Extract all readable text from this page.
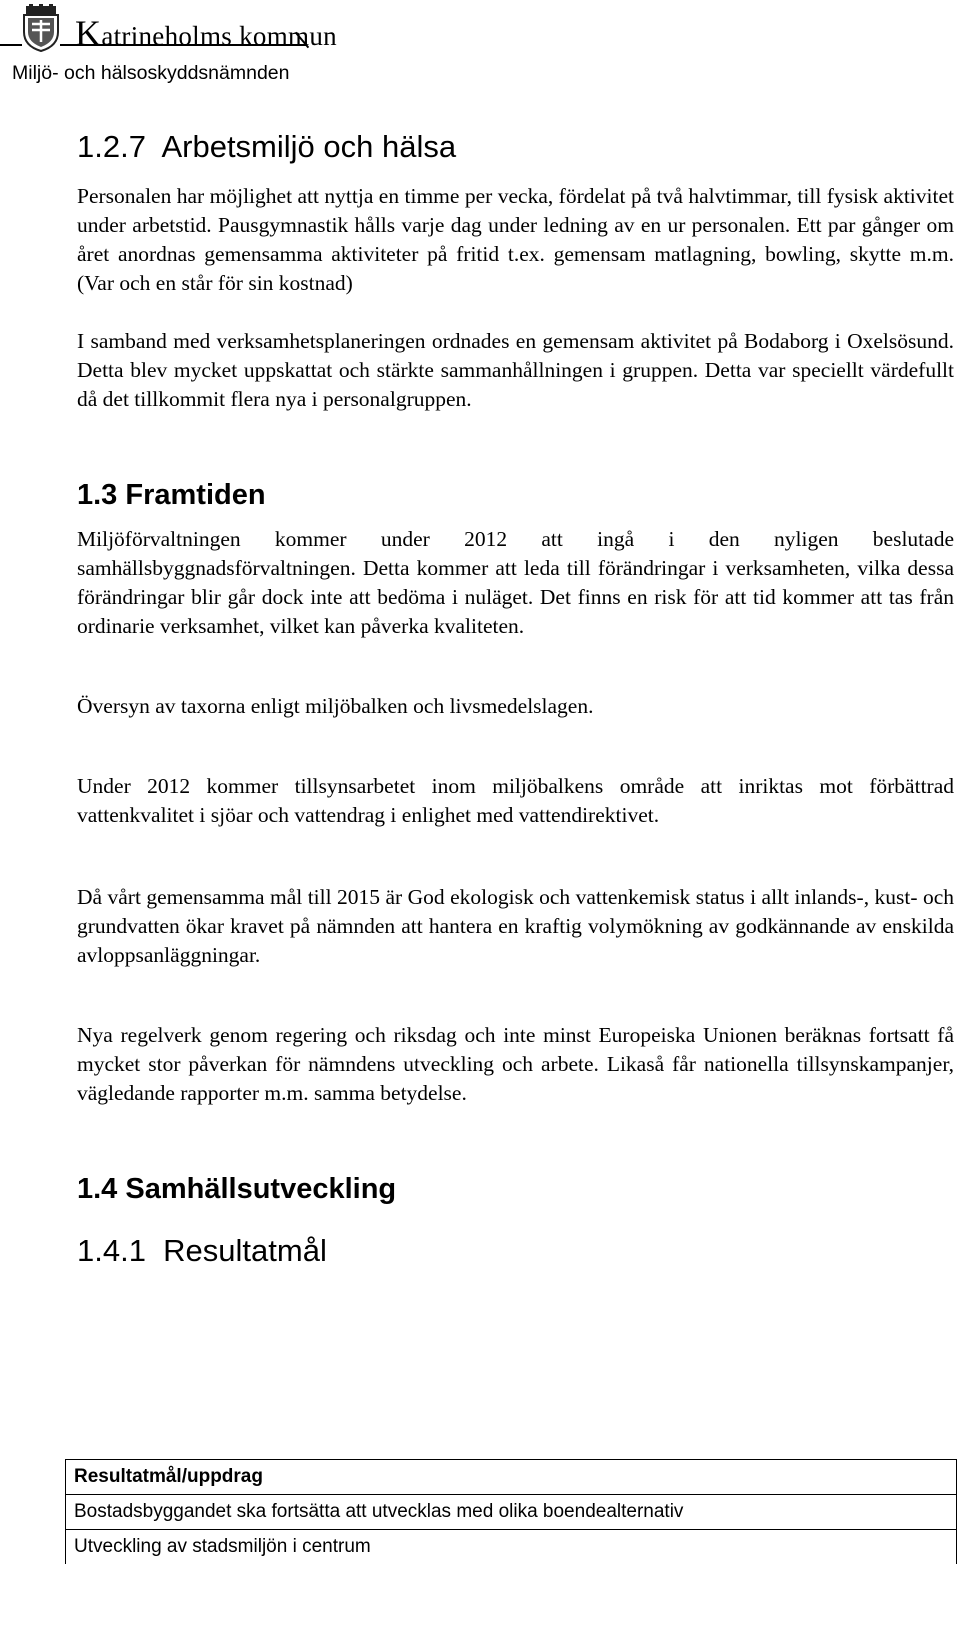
Katrineholms kommun
Miljö- och hälsoskyddsnämnden
1.2.7  Arbetsmiljö och hälsa

Personalen har möjlighet att nyttja en timme per vecka, fördelat på två halvtimmar, till fysisk aktivitet under arbetstid. Pausgymnastik hålls varje dag under ledning av en ur personalen. Ett par gånger om året anordnas gemensamma aktiviteter på fritid t.ex. gemensam matlagning, bowling, skytte m.m. (Var och en står för sin kostnad)

I samband med verksamhetsplaneringen ordnades en gemensam aktivitet på Bodaborg i Oxelsösund. Detta blev mycket uppskattat och stärkte sammanhållningen i gruppen. Detta var speciellt värdefullt då det tillkommit flera nya i personalgruppen.

1.3 Framtiden

Miljöförvaltningen kommer under 2012 att ingå i den nyligen beslutade samhällsbyggnadsförvaltningen. Detta kommer att leda till förändringar i verksamheten, vilka dessa förändringar blir går dock inte att bedöma i nuläget. Det finns en risk för att tid kommer att tas från ordinarie verksamhet, vilket kan påverka kvaliteten.

Översyn av taxorna enligt miljöbalken och livsmedelslagen.

Under 2012 kommer tillsynsarbetet inom miljöbalkens område att inriktas mot förbättrad vattenkvalitet i sjöar och vattendrag i enlighet med vattendirektivet.

Då vårt gemensamma mål till 2015 är God ekologisk och vattenkemisk status i allt inlands-, kust- och grundvatten ökar kravet på nämnden att hantera en kraftig volymökning av godkännande av enskilda avloppsanläggningar.

Nya regelverk genom regering och riksdag och inte minst Europeiska Unionen beräknas fortsatt få mycket stor påverkan för nämndens utveckling och arbete. Likaså får nationella tillsynskampanjer, vägledande rapporter m.m. samma betydelse.

1.4 Samhällsutveckling
1.4.1  Resultatmål
Resultatmål/uppdrag
Bostadsbyggandet ska fortsätta att utvecklas med olika boendealternativ
Utveckling av stadsmiljön i centrum
